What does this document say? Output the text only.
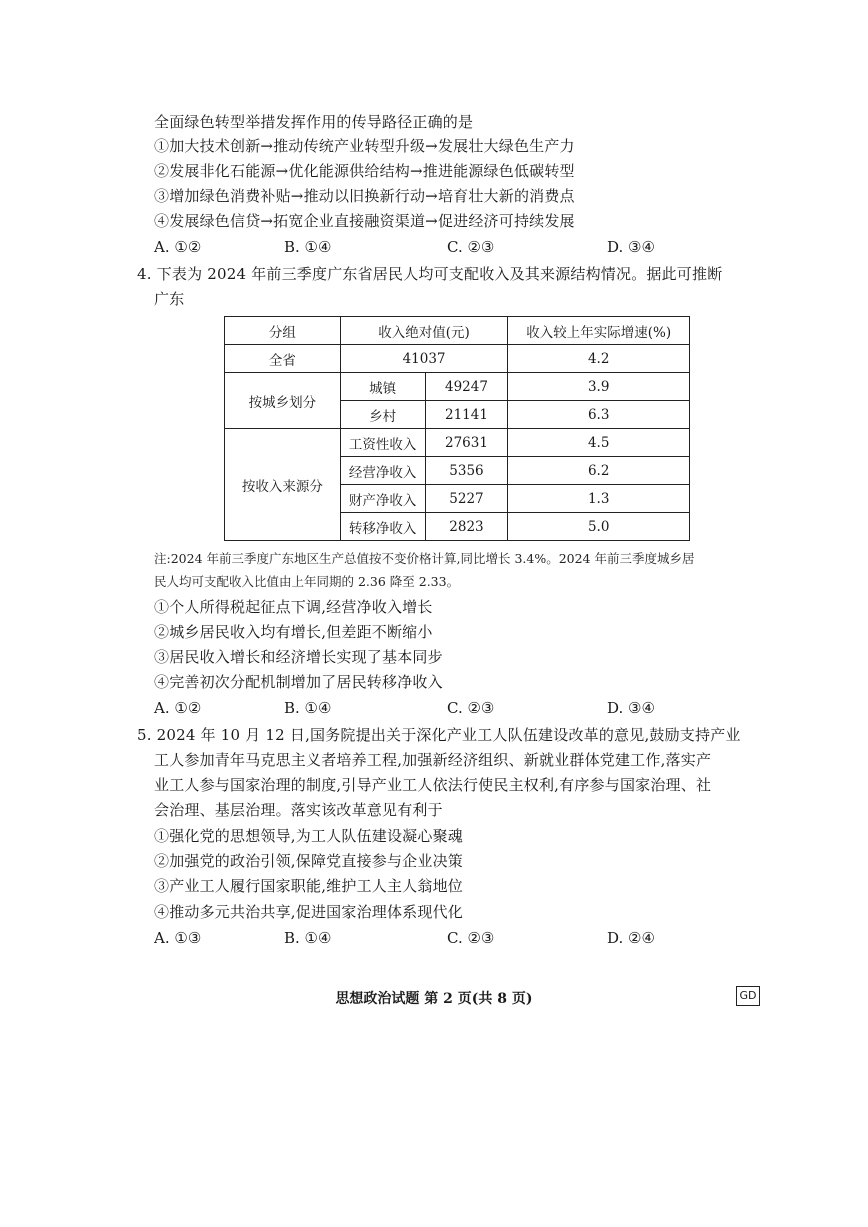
全面绿色转型举措发挥作用的传导路径正确的是
①加大技术创新→推动传统产业转型升级→发展壮大绿色生产力
②发展非化石能源→优化能源供给结构→推进能源绿色低碳转型
③增加绿色消费补贴→推动以旧换新行动→培育壮大新的消费点
④发展绿色信贷→拓宽企业直接融资渠道→促进经济可持续发展
A. ①②	B. ①④	C. ②③	D. ③④
4. 下表为 2024 年前三季度广东省居民人均可支配收入及其来源结构情况。据此可推断
广东
分组	收入绝对值(元)		收入较上年实际增速(%)
全省	41037		4.2
按城乡划分	城镇	49247	3.9
	乡村	21141	6.3
按收入来源分	工资性收入	27631	4.5
	经营净收入	5356	6.2
	财产净收入	5227	1.3
	转移净收入	2823	5.0
注:2024 年前三季度广东地区生产总值按不变价格计算,同比增长 3.4%。2024 年前三季度城乡居
民人均可支配收入比值由上年同期的 2.36 降至 2.33。
①个人所得税起征点下调,经营净收入增长
②城乡居民收入均有增长,但差距不断缩小
③居民收入增长和经济增长实现了基本同步
④完善初次分配机制增加了居民转移净收入
A. ①②	B. ①④	C. ②③	D. ③④
5. 2024 年 10 月 12 日,国务院提出关于深化产业工人队伍建设改革的意见,鼓励支持产业
工人参加青年马克思主义者培养工程,加强新经济组织、新就业群体党建工作,落实产
业工人参与国家治理的制度,引导产业工人依法行使民主权利,有序参与国家治理、社
会治理、基层治理。落实该改革意见有利于
①强化党的思想领导,为工人队伍建设凝心聚魂
②加强党的政治引领,保障党直接参与企业决策
③产业工人履行国家职能,维护工人主人翁地位
④推动多元共治共享,促进国家治理体系现代化
A. ①③	B. ①④	C. ②③	D. ②④
思想政治试题 第 2 页(共 8 页)	GD
